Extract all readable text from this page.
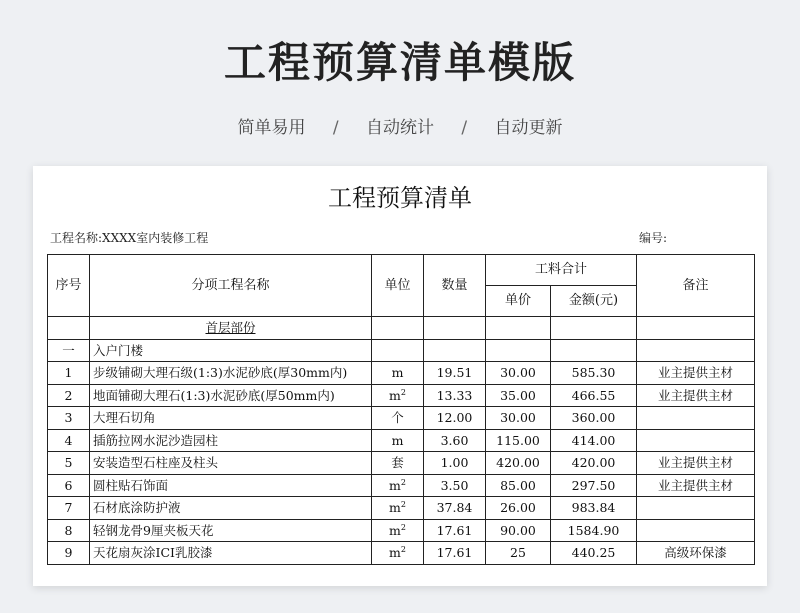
工程预算清单模版
简单易用 / 自动统计 / 自动更新
工程预算清单
工程名称:XXXX室内装修工程	编号:
序号	分项工程名称	单位	数量	工料合计		备注
				单价	金额(元)	
	首层部份					
一	入户门楼					
1	步级铺砌大理石级(1:3)水泥砂底(厚30mm内)	m	19.51	30.00	585.30	业主提供主材
2	地面铺砌大理石(1:3)水泥砂底(厚50mm内)	$m^2$	13.33	35.00	466.55	业主提供主材
3	大理石切角	个	12.00	30.00	360.00	
4	插筋拉网水泥沙造园柱	m	3.60	115.00	414.00	
5	安装造型石柱座及柱头	套	1.00	420.00	420.00	业主提供主材
6	圆柱贴石饰面	$m^2$	3.50	85.00	297.50	业主提供主材
7	石材底涂防护液	$m^2$	37.84	26.00	983.84	
8	轻钢龙骨9厘夹板天花	$m^2$	17.61	90.00	1584.90	
9	天花扇灰涂ICI乳胶漆	$m^2$	17.61	25	440.25	高级环保漆
